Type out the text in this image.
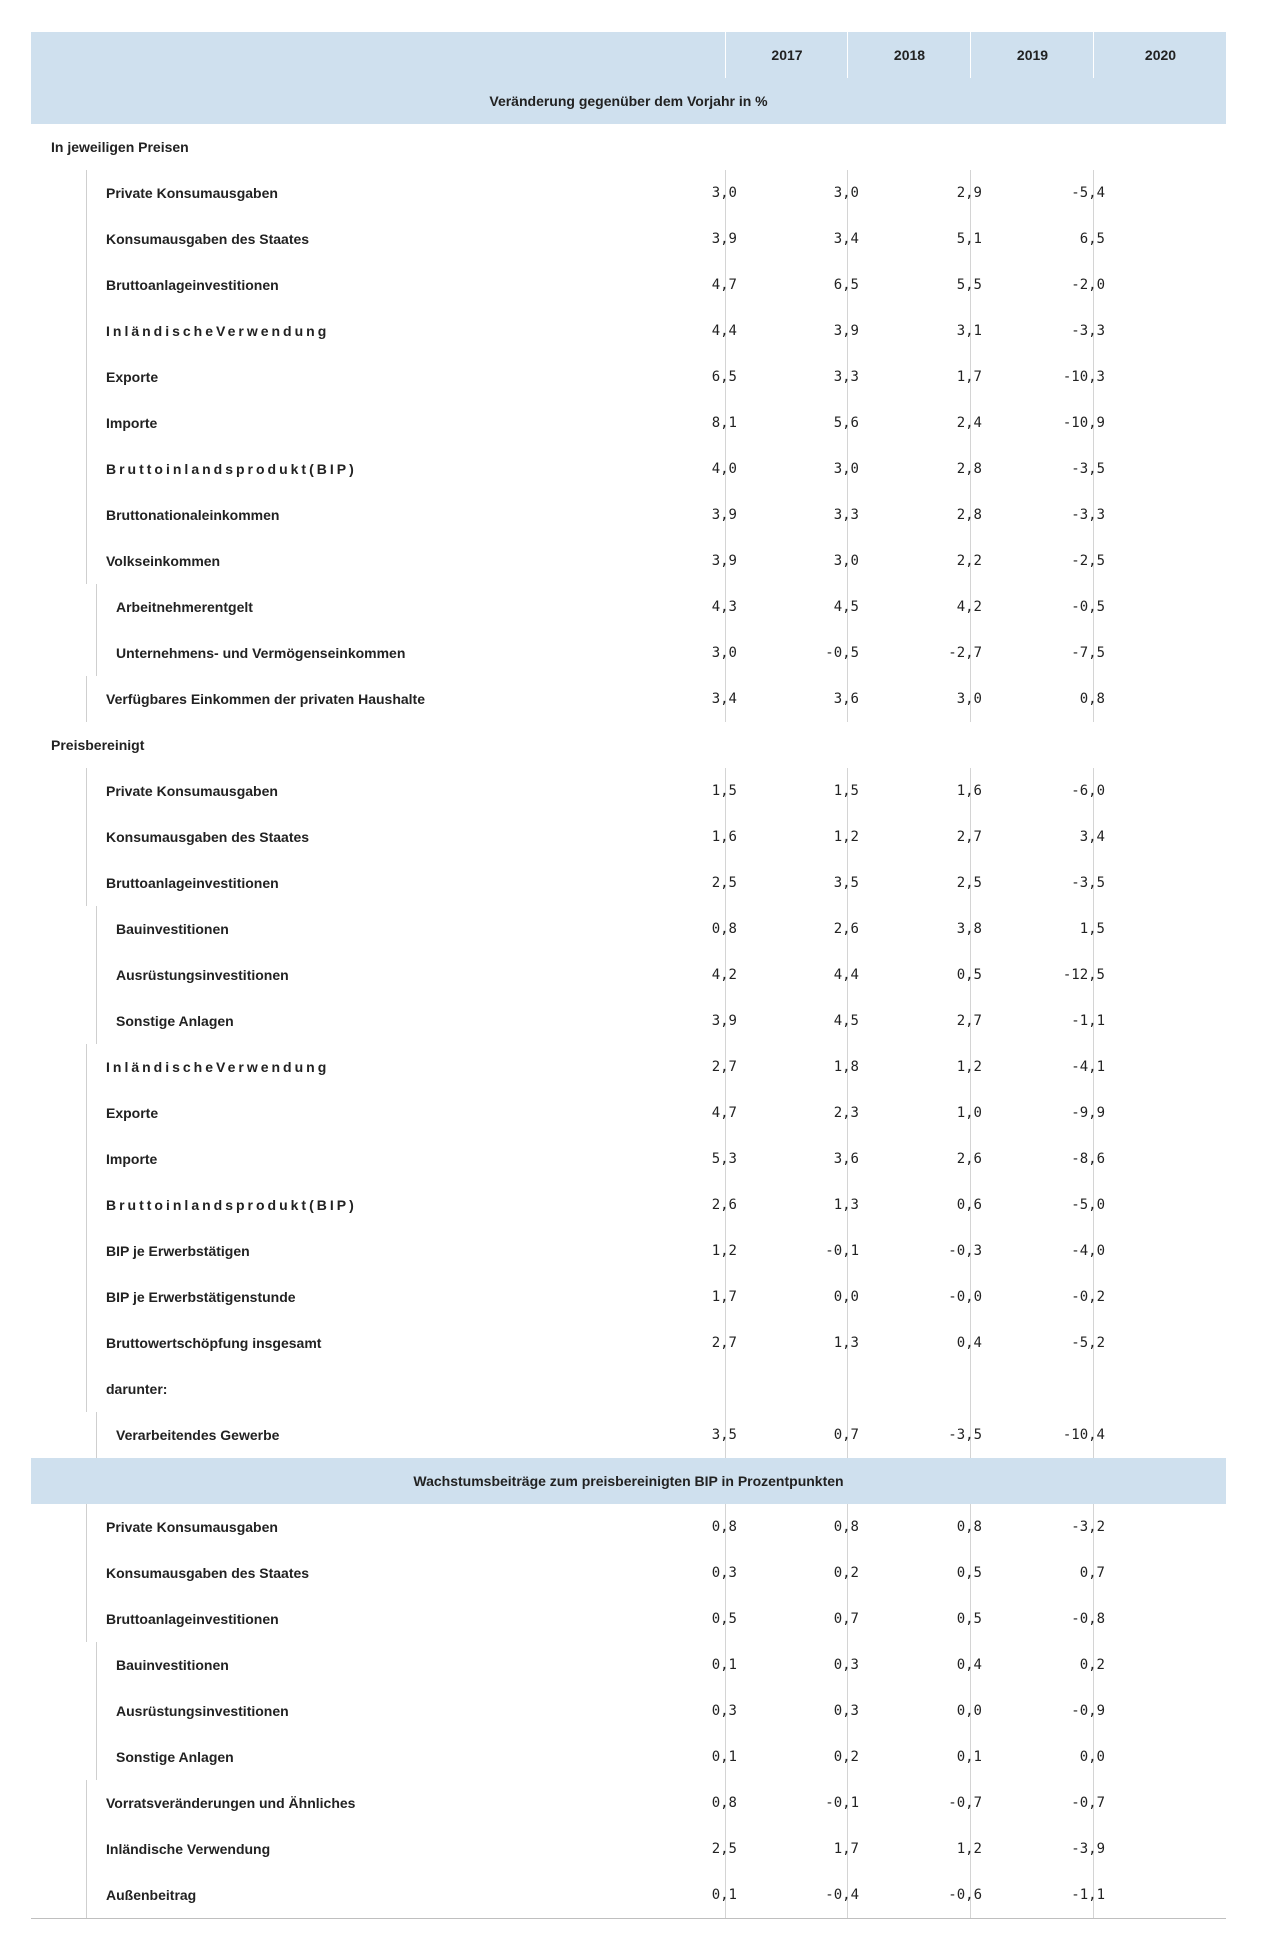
2017	2018	2019	2020
Veränderung gegenüber dem Vorjahr in %
In jeweiligen Preisen
Private Konsumausgaben	3,0	3,0	2,9	-5,4
Konsumausgaben des Staates	3,9	3,4	5,1	6,5
Bruttoanlageinvestitionen	4,7	6,5	5,5	-2,0
InländischeVerwendung	4,4	3,9	3,1	-3,3
Exporte	6,5	3,3	1,7	-10,3
Importe	8,1	5,6	2,4	-10,9
Bruttoinlandsprodukt(BIP)	4,0	3,0	2,8	-3,5
Bruttonationaleinkommen	3,9	3,3	2,8	-3,3
Volkseinkommen	3,9	3,0	2,2	-2,5
Arbeitnehmerentgelt	4,3	4,5	4,2	-0,5
Unternehmens- und Vermögenseinkommen	3,0	-0,5	-2,7	-7,5
Verfügbares Einkommen der privaten Haushalte	3,4	3,6	3,0	0,8
Preisbereinigt
Private Konsumausgaben	1,5	1,5	1,6	-6,0
Konsumausgaben des Staates	1,6	1,2	2,7	3,4
Bruttoanlageinvestitionen	2,5	3,5	2,5	-3,5
Bauinvestitionen	0,8	2,6	3,8	1,5
Ausrüstungsinvestitionen	4,2	4,4	0,5	-12,5
Sonstige Anlagen	3,9	4,5	2,7	-1,1
InländischeVerwendung	2,7	1,8	1,2	-4,1
Exporte	4,7	2,3	1,0	-9,9
Importe	5,3	3,6	2,6	-8,6
Bruttoinlandsprodukt(BIP)	2,6	1,3	0,6	-5,0
BIP je Erwerbstätigen	1,2	-0,1	-0,3	-4,0
BIP je Erwerbstätigenstunde	1,7	0,0	-0,0	-0,2
Bruttowertschöpfung insgesamt	2,7	1,3	0,4	-5,2
darunter:
Verarbeitendes Gewerbe	3,5	0,7	-3,5	-10,4
Wachstumsbeiträge zum preisbereinigten BIP in Prozentpunkten
Private Konsumausgaben	0,8	0,8	0,8	-3,2
Konsumausgaben des Staates	0,3	0,2	0,5	0,7
Bruttoanlageinvestitionen	0,5	0,7	0,5	-0,8
Bauinvestitionen	0,1	0,3	0,4	0,2
Ausrüstungsinvestitionen	0,3	0,3	0,0	-0,9
Sonstige Anlagen	0,1	0,2	0,1	0,0
Vorratsveränderungen und Ähnliches	0,8	-0,1	-0,7	-0,7
Inländische Verwendung	2,5	1,7	1,2	-3,9
Außenbeitrag	0,1	-0,4	-0,6	-1,1
